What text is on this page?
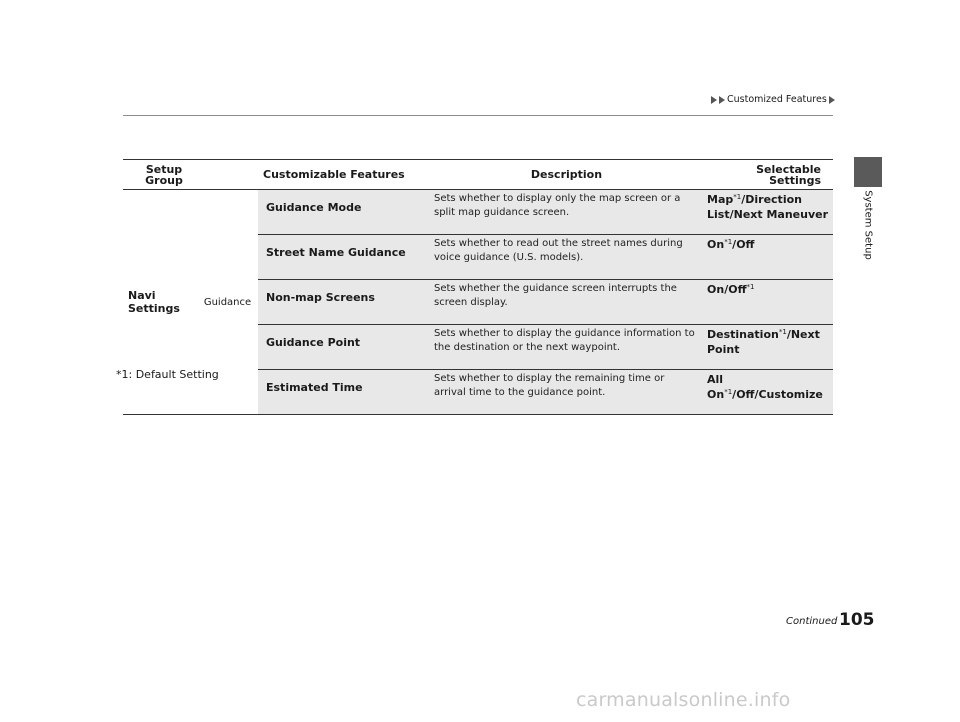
Customized Features
System Setup
Setup Group		Customizable Features	Description	Selectable Settings

Navi Settings	Guidance	Guidance Mode	Sets whether to display only the map screen or a split map guidance screen.	Map$^{*1}$/Direction List/Next Maneuver
		Street Name Guidance	Sets whether to read out the street names during voice guidance (U.S. models).	On$^{*1}$/Off
		Non-map Screens	Sets whether the guidance screen interrupts the screen display.	On/Off$^{*1}$
		Guidance Point	Sets whether to display the guidance information to the destination or the next waypoint.	Destination$^{*1}$/Next Point
		Estimated Time	Sets whether to display the remaining time or arrival time to the guidance point.	All On$^{*1}$/Off/Customize
*1: Default Setting
Continued 105
carmanualsonline.info
